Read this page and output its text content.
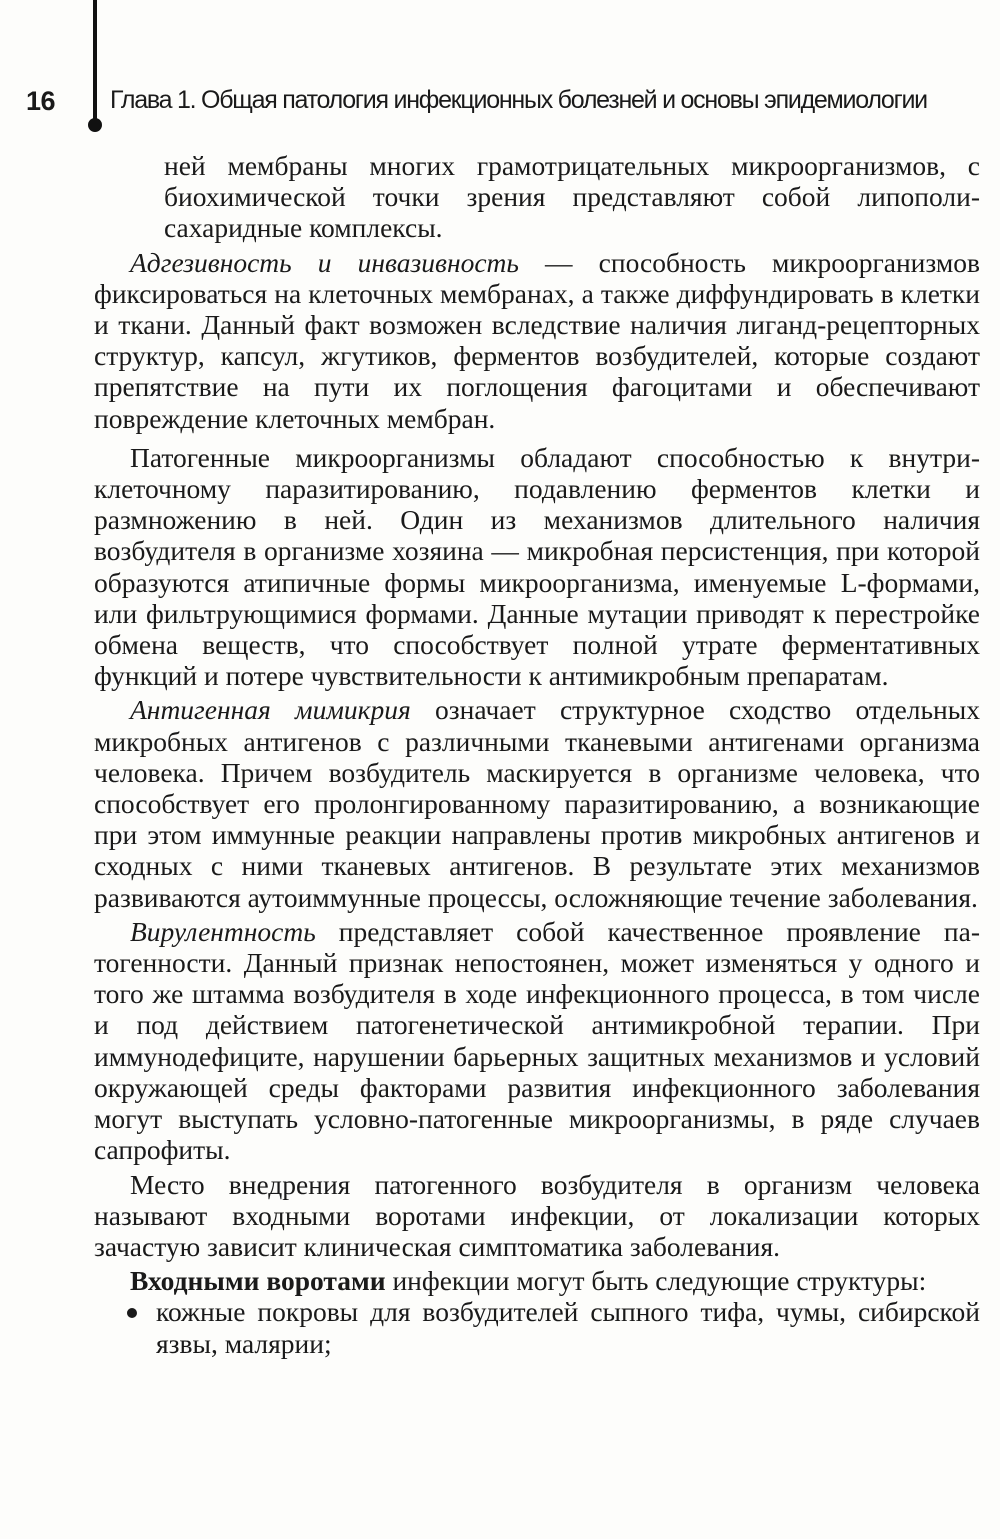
16 Глава 1. Общая патология инфекционных болезней и основы эпидемиологии

ней мембраны многих грамотрицательных микроорганизмов, с биохимической точки зрения представляют собой липополисахаридные комплексы.

Адгезивность и инвазивность — способность микроорганизмов фиксироваться на клеточных мембранах, а также диффундировать в клетки и ткани. Данный факт возможен вследствие наличия лиганд-рецепторных структур, капсул, жгутиков, ферментов возбудителей, которые создают препятствие на пути их поглощения фагоцитами и обеспечивают повреждение клеточных мембран.

Патогенные микроорганизмы обладают способностью к внутриклеточному паразитированию, подавлению ферментов клетки и размножению в ней. Один из механизмов длительного наличия возбудителя в организме хозяина — микробная персистенция, при которой образуются атипичные формы микроорганизма, именуемые L-формами, или фильтрующимися формами. Данные мутации приводят к перестройке обмена веществ, что способствует полной утрате ферментативных функций и потере чувствительности к антимикробным препаратам.

Антигенная мимикрия означает структурное сходство отдельных микробных антигенов с различными тканевыми антигенами организма человека. Причем возбудитель маскируется в организме человека, что способствует его пролонгированному паразитированию, а возникающие при этом иммунные реакции направлены против микробных антигенов и сходных с ними тканевых антигенов. В результате этих механизмов развиваются аутоиммунные процессы, осложняющие течение заболевания.

Вирулентность представляет собой качественное проявление патогенности. Данный признак непостоянен, может изменяться у одного и того же штамма возбудителя в ходе инфекционного процесса, в том числе и под действием патогенетической антимикробной терапии. При иммунодефиците, нарушении барьерных защитных механизмов и условий окружающей среды факторами развития инфекционного заболевания могут выступать условно-патогенные микроорганизмы, в ряде случаев сапрофиты.

Место внедрения патогенного возбудителя в организм человека называют входными воротами инфекции, от локализации которых зачастую зависит клиническая симптоматика заболевания.

Входными воротами инфекции могут быть следующие структуры:

кожные покровы для возбудителей сыпного тифа, чумы, сибирской язвы, малярии;
